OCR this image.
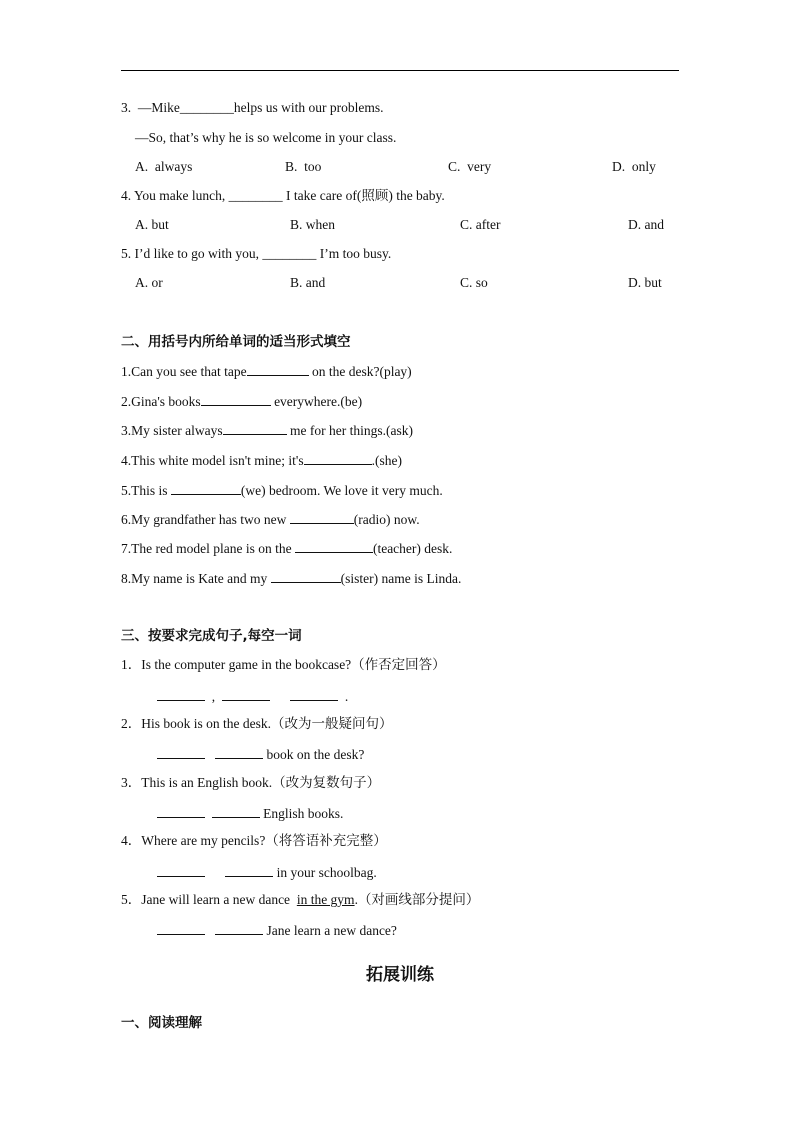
3.  —Mike________helps us with our problems.
—So, that’s why he is so welcome in your class.
A.  always	B.  too	C.  very	D.  only
4. You make lunch, ________ I take care of(照顾) the baby.
A. but	B. when	C. after	D. and
5. I’d like to go with you, ________ I’m too busy.
A. or	B. and	C. so	D. but
二、用括号内所给单词的适当形式填空
1.Can you see that tape	on the desk?(play)
2.Gina's books	everywhere.(be)
3.My sister always	me for her things.(ask)
4.This white model isn't mine; it's	.(she)
5.This is	(we) bedroom. We love it very much.
6.My grandfather has two new	(radio) now.
7.The red model plane is on the	(teacher) desk.
8.My name is Kate and my	(sister) name is Linda.
三、按要求完成句子,每空一词
1．Is the computer game in the bookcase?（作否定回答）
,	.
2．His book is on the desk.（改为一般疑问句）
book on the desk?
3．This is an English book.（改为复数句子）
English books.
4．Where are my pencils?（将答语补充完整）
in your schoolbag.
5．Jane will learn a new dance  in the gym.（对画线部分提问）
Jane learn a new dance?
拓展训练
一、阅读理解
